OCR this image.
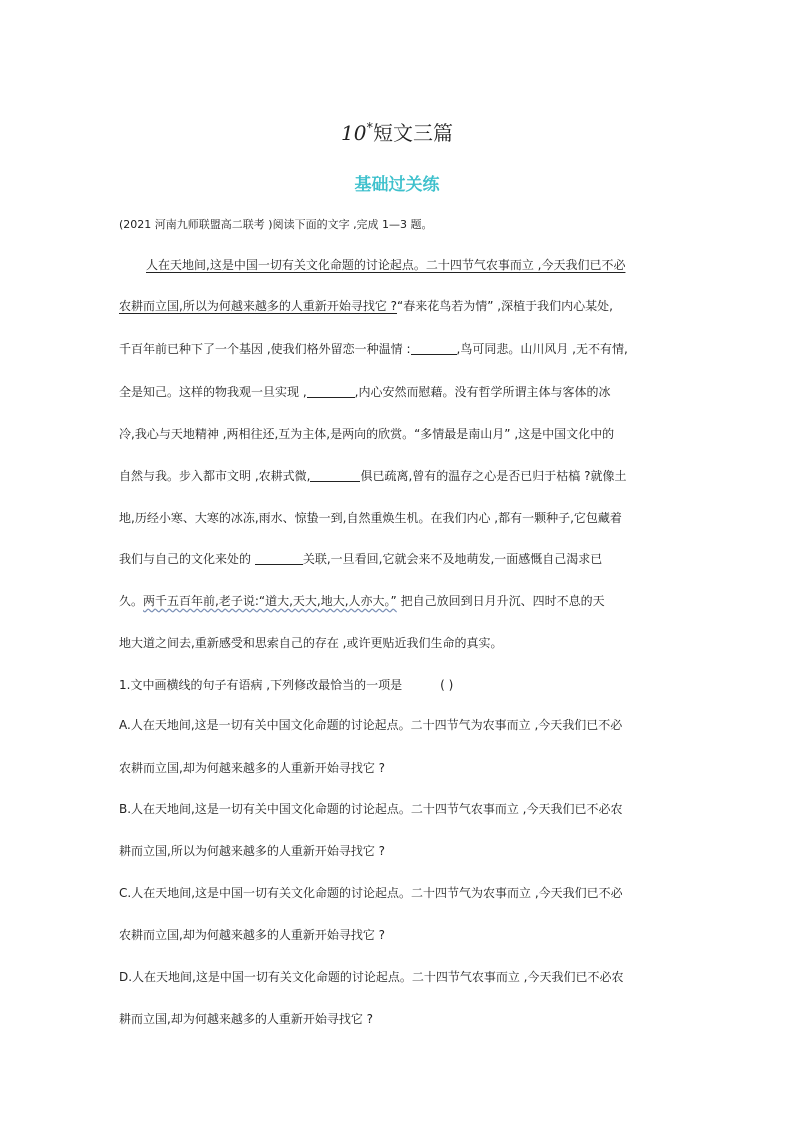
10*短文三篇
基础过关练
(2021 河南九师联盟高二联考 )阅读下面的文字 ,完成 1—3 题。
人在天地间,这是中国一切有关文化命题的讨论起点。二十四节气农事而立 ,今天我们已不必
农耕而立国,所以为何越来越多的人重新开始寻找它 ?“春来花鸟若为情” ,深植于我们内心某处,
千百年前已种下了一个基因 ,使我们格外留恋一种温情 :	,鸟可同悲。山川风月 ,无不有情,
全是知己。这样的物我观一旦实现 ,	,内心安然而慰藉。没有哲学所谓主体与客体的冰
冷,我心与天地精神 ,两相往还,互为主体,是两向的欣赏。“多情最是南山月” ,这是中国文化中的
自然与我。步入都市文明 ,农耕式微,	俱已疏离,曾有的温存之心是否已归于枯槁 ?就像土
地,历经小寒、大寒的冰冻,雨水、惊蛰一到,自然重焕生机。在我们内心 ,都有一颗种子,它包藏着
我们与自己的文化来处的	关联,一旦看回,它就会来不及地萌发,一面感慨自己渴求已
久。两千五百年前,老子说:“道大,天大,地大,人亦大。” 把自己放回到日月升沉、四时不息的天
地大道之间去,重新感受和思索自己的存在 ,或许更贴近我们生命的真实。
1.文中画横线的句子有语病 ,下列修改最恰当的一项是	( )
A.人在天地间,这是一切有关中国文化命题的讨论起点。二十四节气为农事而立 ,今天我们已不必
农耕而立国,却为何越来越多的人重新开始寻找它 ?
B.人在天地间,这是一切有关中国文化命题的讨论起点。二十四节气农事而立 ,今天我们已不必农
耕而立国,所以为何越来越多的人重新开始寻找它 ?
C.人在天地间,这是中国一切有关文化命题的讨论起点。二十四节气为农事而立 ,今天我们已不必
农耕而立国,却为何越来越多的人重新开始寻找它 ?
D.人在天地间,这是中国一切有关文化命题的讨论起点。二十四节气农事而立 ,今天我们已不必农
耕而立国,却为何越来越多的人重新开始寻找它 ?
